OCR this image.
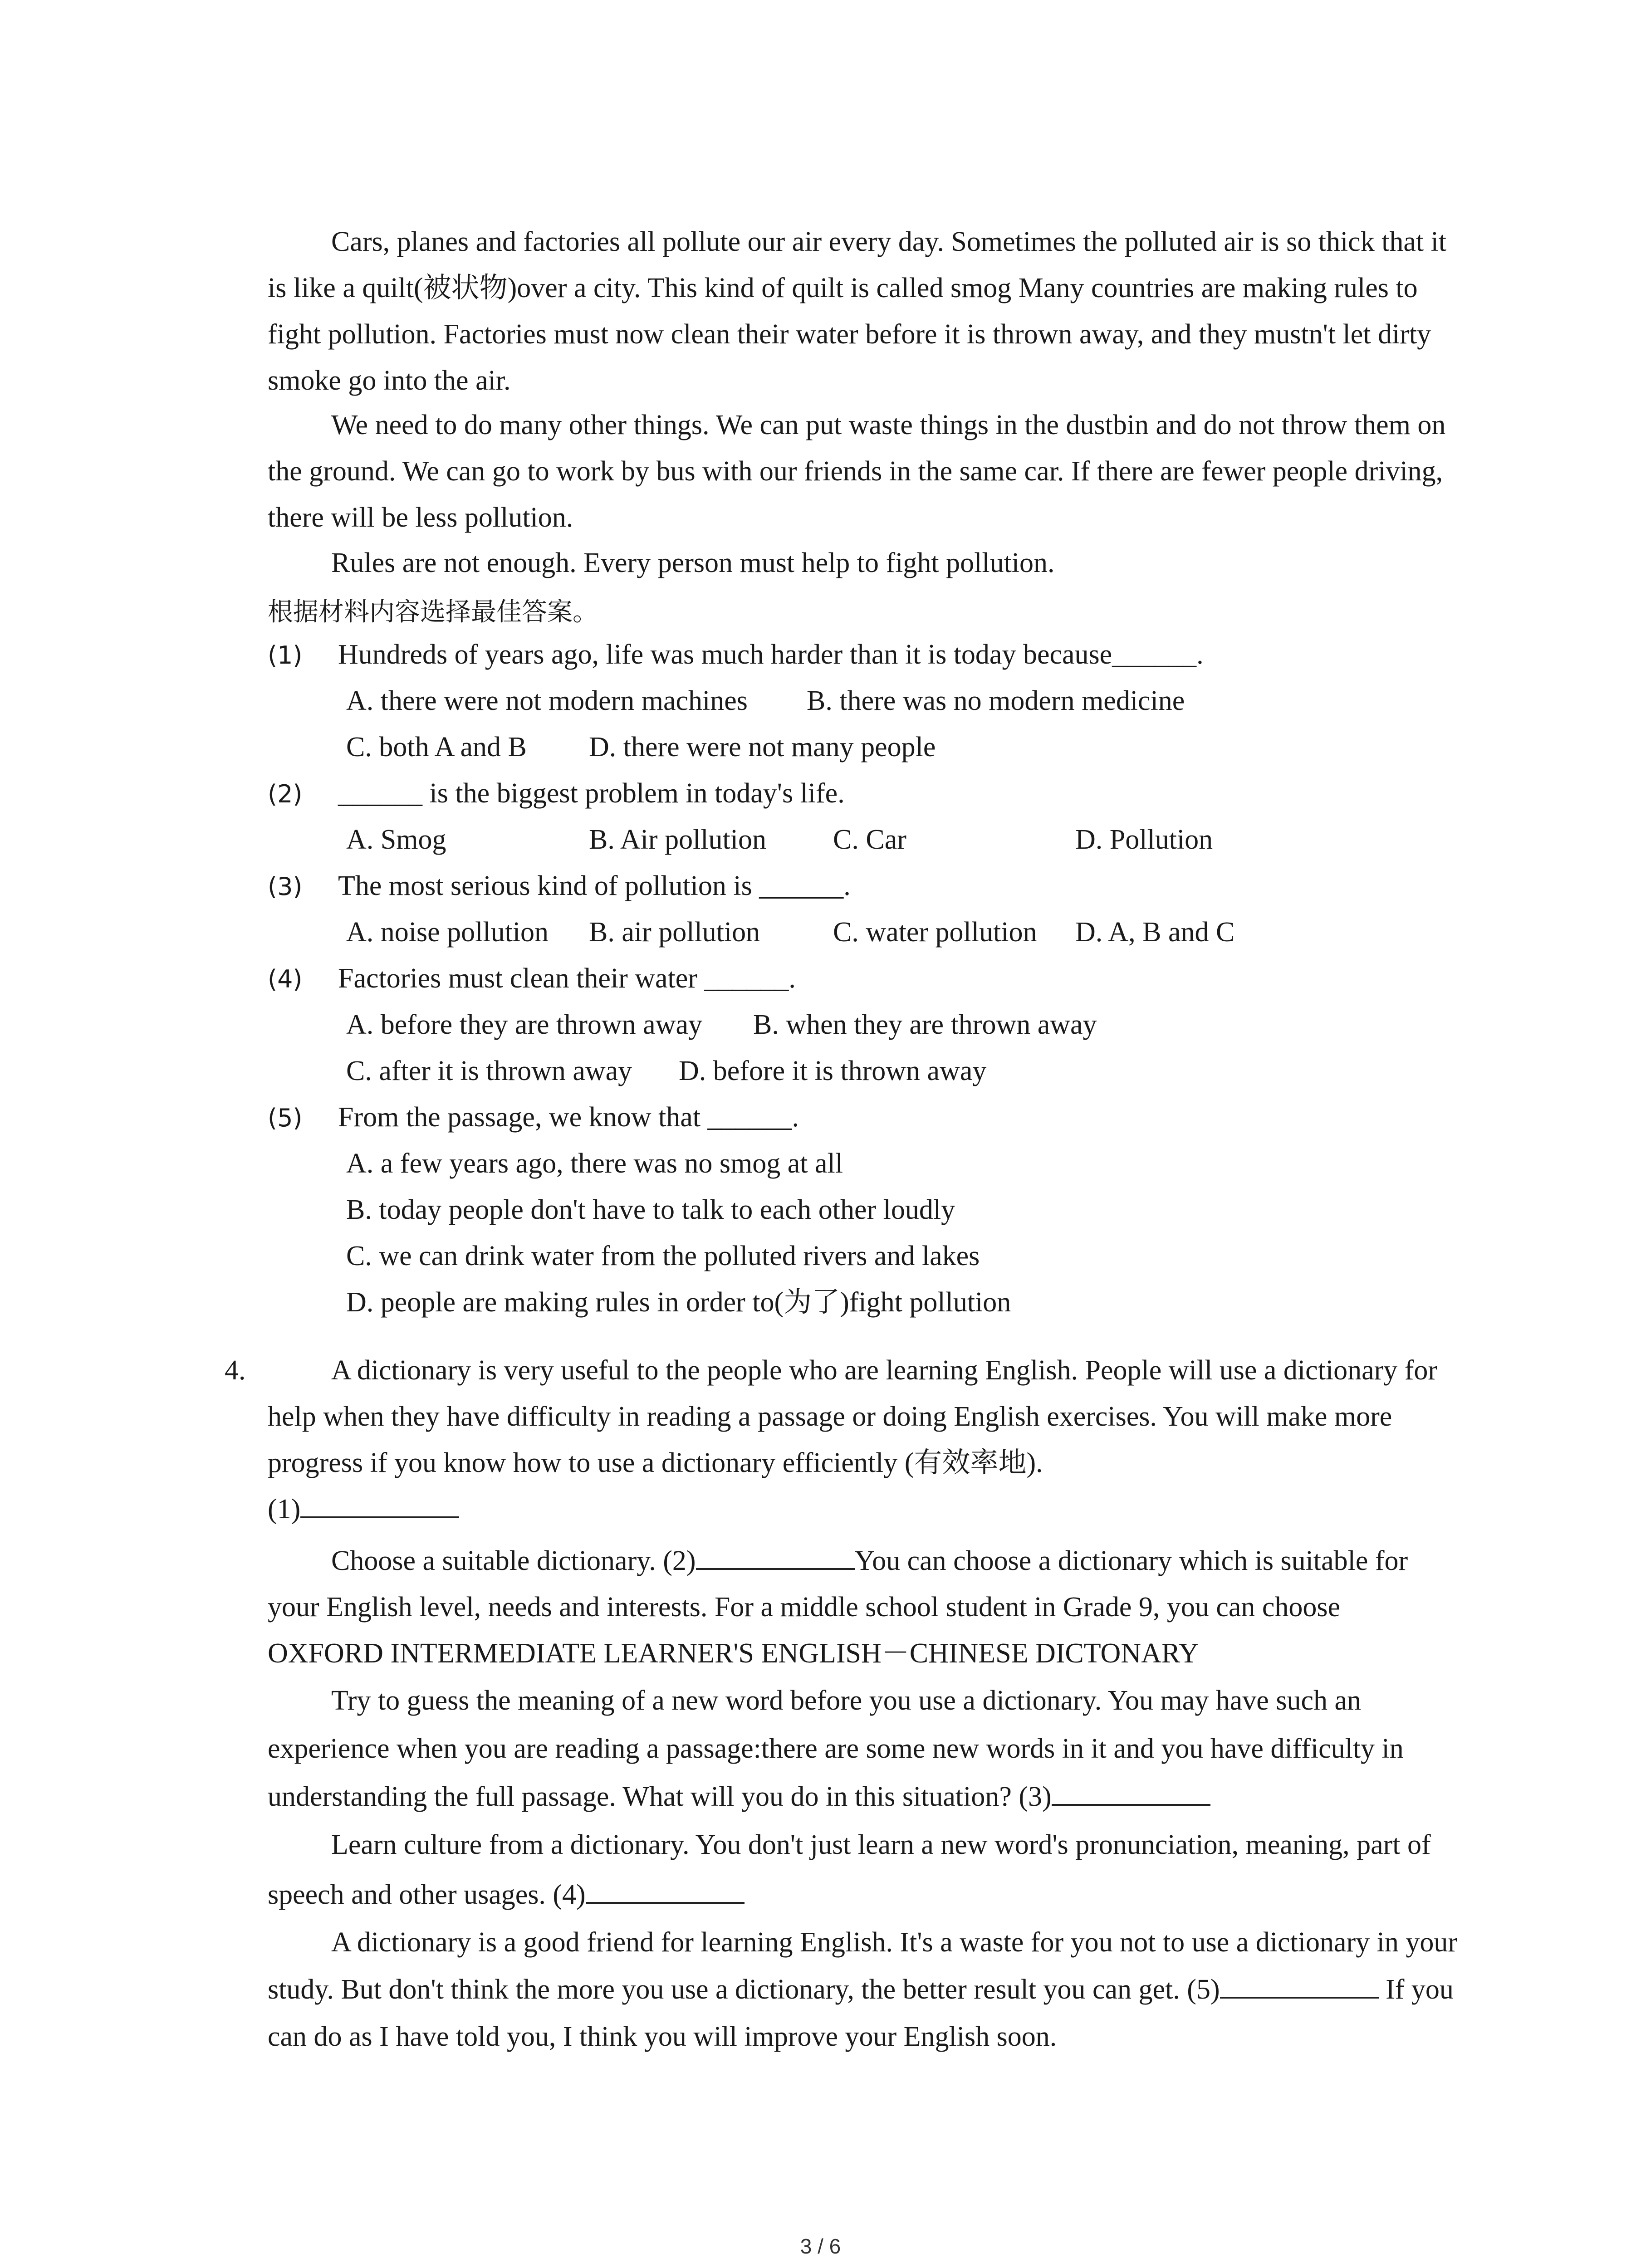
Cars, planes and factories all pollute our air every day. Sometimes the polluted air is so thick that it is like a quilt(被状物)over a city. This kind of quilt is called smog Many countries are making rules to fight pollution. Factories must now clean their water before it is thrown away, and they mustn't let dirty smoke go into the air.

We need to do many other things. We can put waste things in the dustbin and do not throw them on the ground. We can go to work by bus with our friends in the same car. If there are fewer people driving, there will be less pollution.

Rules are not enough. Every person must help to fight pollution.

根据材料内容选择最佳答案。
(1) Hundreds of years ago, life was much harder than it is today because______.
A. there were not modern machines B. there was no modern medicine
C. both A and B D. there were not many people
(2) ______ is the biggest problem in today's life.
A. Smog	B. Air pollution C. Car	D. Pollution
(3) The most serious kind of pollution is ______.
A. noise pollution B. air pollution	C. water pollution D. A, B and C
(4) Factories must clean their water ______.
A. before they are thrown away B. when they are thrown away
C. after it is thrown away D. before it is thrown away
(5) From the passage, we know that ______.
A. a few years ago, there was no smog at all
B. today people don't have to talk to each other loudly
C. we can drink water from the polluted rivers and lakes
D. people are making rules in order to(为了)fight pollution
4.	A dictionary is very useful to the people who are learning English. People will use a dictionary for help when they have difficulty in reading a passage or doing English exercises. You will make more progress if you know how to use a dictionary efficiently (有效率地).

(1)

Choose a suitable dictionary. (2)	You can choose a dictionary which is suitable for your English level, needs and interests. For a middle school student in Grade 9, you can choose OXFORD INTERMEDIATE LEARNER'S ENGLISH－CHINESE DICTONARY

Try to guess the meaning of a new word before you use a dictionary. You may have such an experience when you are reading a passage:there are some new words in it and you have difficulty in understanding the full passage. What will you do in this situation? (3)

Learn culture from a dictionary. You don't just learn a new word's pronunciation, meaning, part of speech and other usages. (4)

A dictionary is a good friend for learning English. It's a waste for you not to use a dictionary in your study. But don't think the more you use a dictionary, the better result you can get. (5)	If you can do as I have told you, I think you will improve your English soon.

3 / 6
